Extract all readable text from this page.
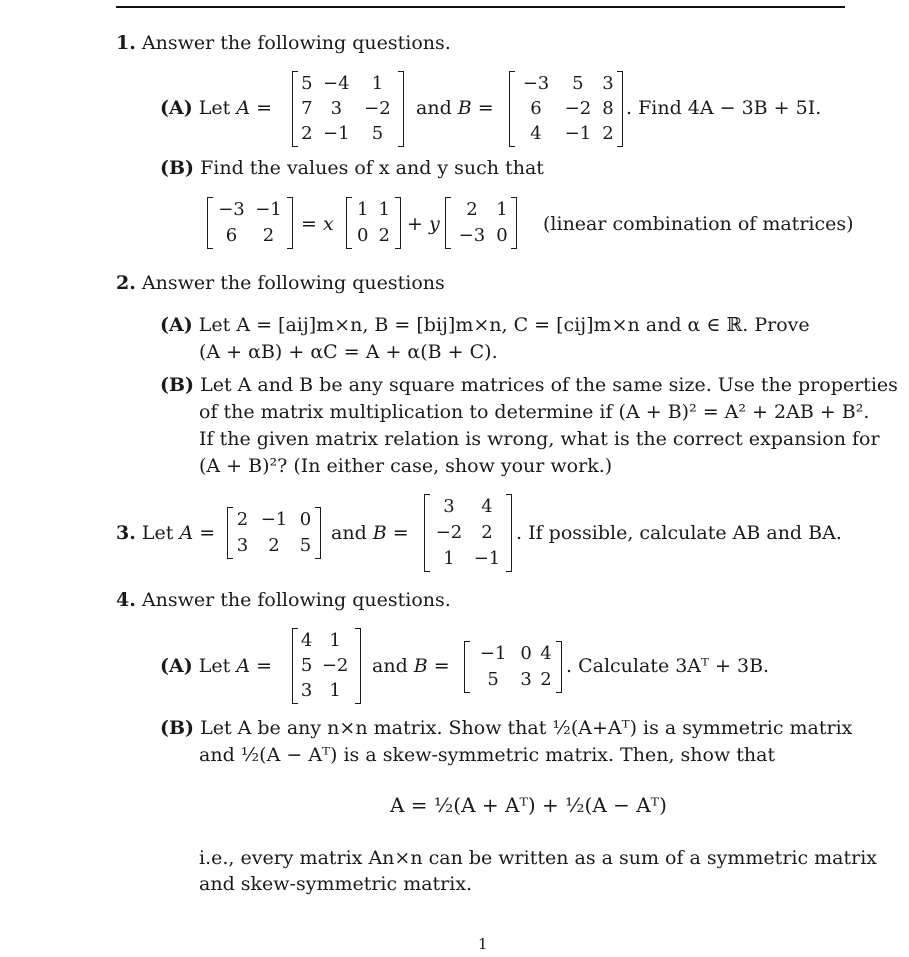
1. Answer the following questions.
(A) Let A =
5	−4	1
7	3	−2
2	−1	5
and B =
−3	5	3
6	−2	8
4	−1	2
. Find 4A − 3B + 5I.
(B) Find the values of x and y such that
−3	−1
6	2
= x
1	1
0	2
+ y
2	1
−3	0
(linear combination of matrices)
2. Answer the following questions
(A) Let A = [aij]m×n, B = [bij]m×n, C = [cij]m×n and α ∈ ℝ. Prove
(A + αB) + αC = A + α(B + C).
(B) Let A and B be any square matrices of the same size. Use the properties
of the matrix multiplication to determine if (A + B)² = A² + 2AB + B².
If the given matrix relation is wrong, what is the correct expansion for
(A + B)²? (In either case, show your work.)
3. Let A =
2	−1	0
3	2	5
and B =
3	4
−2	2
1	−1
. If possible, calculate AB and BA.
4. Answer the following questions.
(A) Let A =
4	1
5	−2
3	1
and B =
−1	0	4
5	3	2
. Calculate 3Aᵀ + 3B.
(B) Let A be any n×n matrix. Show that ½(A+Aᵀ) is a symmetric matrix
and ½(A − Aᵀ) is a skew-symmetric matrix. Then, show that
A = ½(A + Aᵀ) + ½(A − Aᵀ)
i.e., every matrix An×n can be written as a sum of a symmetric matrix
and skew-symmetric matrix.
1
